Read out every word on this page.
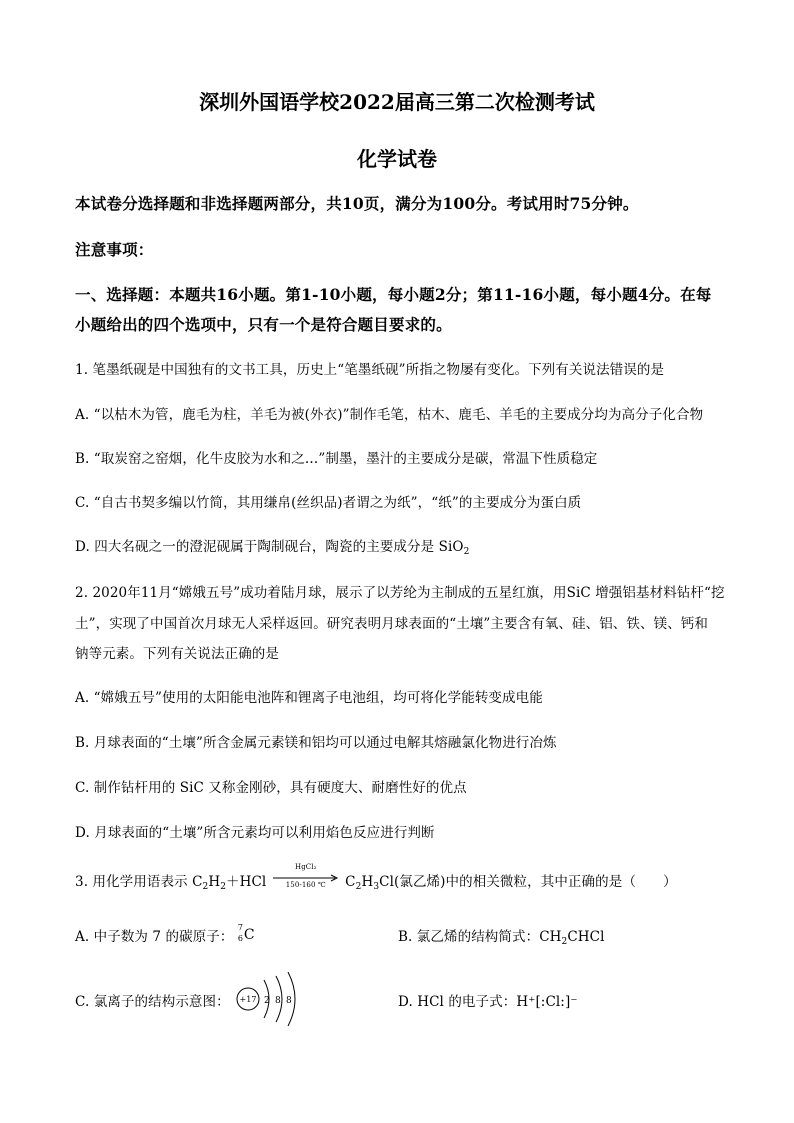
深圳外国语学校2022届高三第二次检测考试
化学试卷
本试卷分选择题和非选择题两部分，共10页，满分为100分。考试用时75分钟。
注意事项：
一、选择题：本题共16小题。第1-10小题，每小题2分；第11-16小题，每小题4分。在每
小题给出的四个选项中，只有一个是符合题目要求的。
1. 笔墨纸砚是中国独有的文书工具，历史上“笔墨纸砚”所指之物屡有变化。下列有关说法错误的是
A. “以枯木为管，鹿毛为柱，羊毛为被(外衣)”制作毛笔，枯木、鹿毛、羊毛的主要成分均为高分子化合物
B. “取炭窑之窑烟，化牛皮胶为水和之…”制墨，墨汁的主要成分是碳，常温下性质稳定
C. “自古书契多编以竹简，其用缣帛(丝织品)者谓之为纸”，“纸”的主要成分为蛋白质
D. 四大名砚之一的澄泥砚属于陶制砚台，陶瓷的主要成分是 SiO$_2$
2. 2020年11月“嫦娥五号”成功着陆月球，展示了以芳纶为主制成的五星红旗，用SiC 增强铝基材料钻杆“挖
土”，实现了中国首次月球无人采样返回。研究表明月球表面的“土壤”主要含有氧、硅、铝、铁、镁、钙和
钠等元素。下列有关说法正确的是
A. “嫦娥五号”使用的太阳能电池阵和锂离子电池组，均可将化学能转变成电能
B. 月球表面的“土壤”所含金属元素镁和铝均可以通过电解其熔融氯化物进行冶炼
C. 制作钻杆用的 SiC 又称金刚砂，具有硬度大、耐磨性好的优点
D. 月球表面的“土壤”所含元素均可以利用焰色反应进行判断
3. 用化学用语表示 $C_2H_2+HCl$
HgCl₂
150-160 ℃	$C_2H_3Cl$(氯乙烯)中的相关微粒，其中正确的是（　　）
A. 中子数为 7 的碳原子：
7
6 C	B. 氯乙烯的结构简式：$CH_2CHCl$
C. 氯离子的结构示意图： +17 2 8 8	D. HCl 的电子式：H⁺[:Cl:]⁻
